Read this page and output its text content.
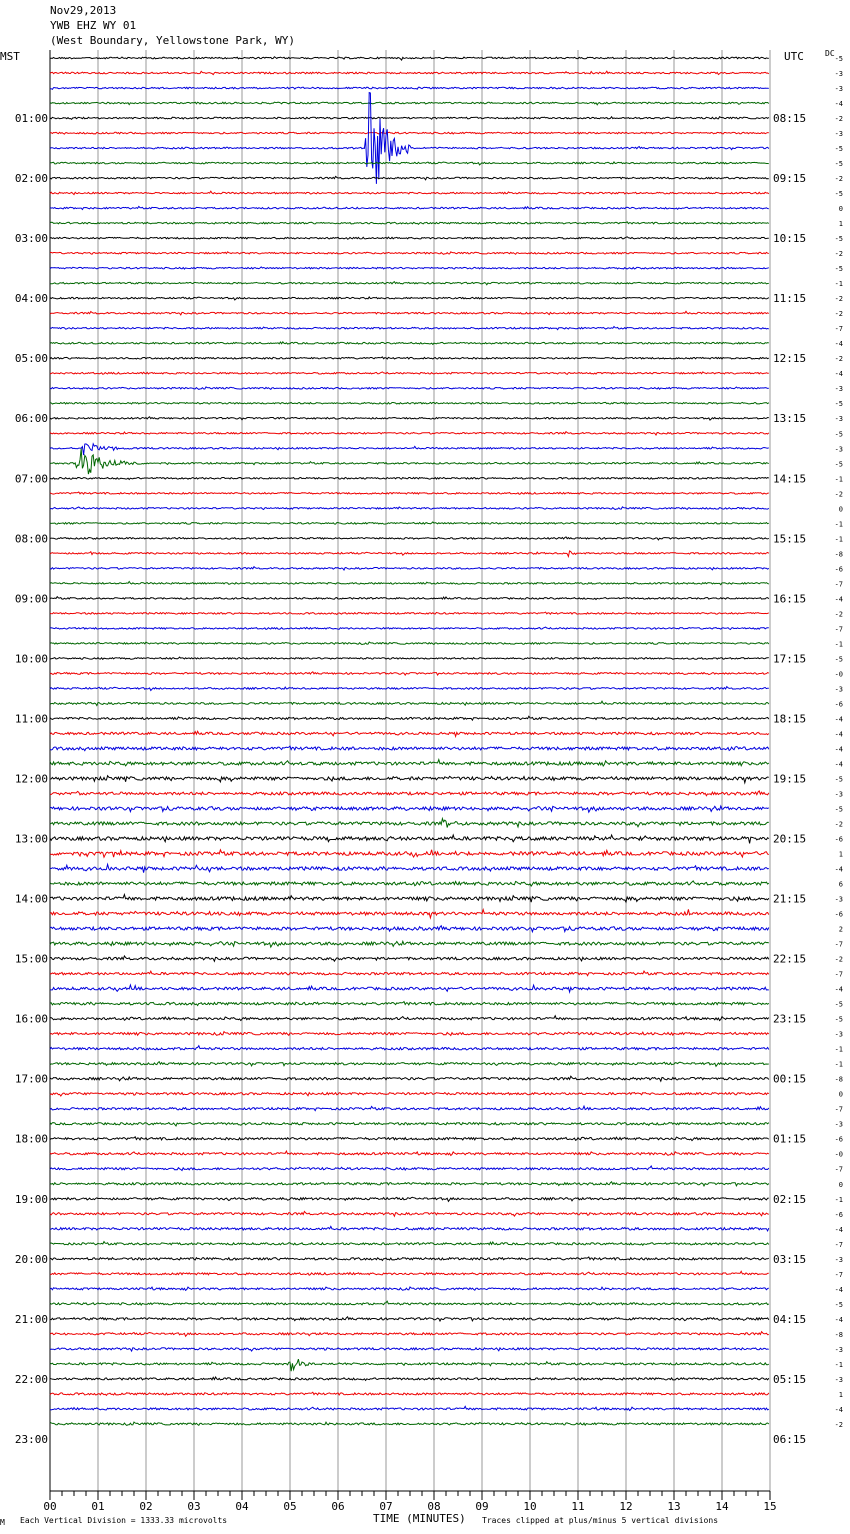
00	01	02	03	04	05	06	07	08	09	10	11	12	13	14	15
-5
-3
-3
-4
-2
-3
-5
-5
-2
-5
0
1
-5
-2
-5
-1
-2
-2
-7
-4
-2
-4
-3
-5
-3
-5
-3
-5
-1
-2
0
-1
-1
-8
-6
-7
-4
-2
-7
-1
-5
-0
-3
-6
-4
-4
-4
-4
-5
-3
-5
-2
-6
1
-4
6
-3
-6
2
-7
-2
-7
-4
-5
-5
-3
-1
-1
-8
0
-7
-3
-6
-0
-7
0
-1
-6
-4
-7
-3
-7
-4
-5
-4
-8
-3
-1
-3
1
-4
-2
01:00	08:15
02:00	09:15
03:00	10:15
04:00	11:15
05:00	12:15
06:00	13:15
07:00	14:15
08:00	15:15
09:00	16:15
10:00	17:15
11:00	18:15
12:00	19:15
13:00	20:15
14:00	21:15
15:00	22:15
16:00	23:15
17:00	00:15
18:00	01:15
19:00	02:15
20:00	03:15
21:00	04:15
22:00	05:15
23:00	06:15
Nov29,2013
YWB EHZ WY 01
(West Boundary, Yellowstone Park, WY)
MST	UTC	DC
M Each Vertical Division = 1333.33 microvolts	TIME (MINUTES) Traces clipped at plus/minus 5 vertical divisions
